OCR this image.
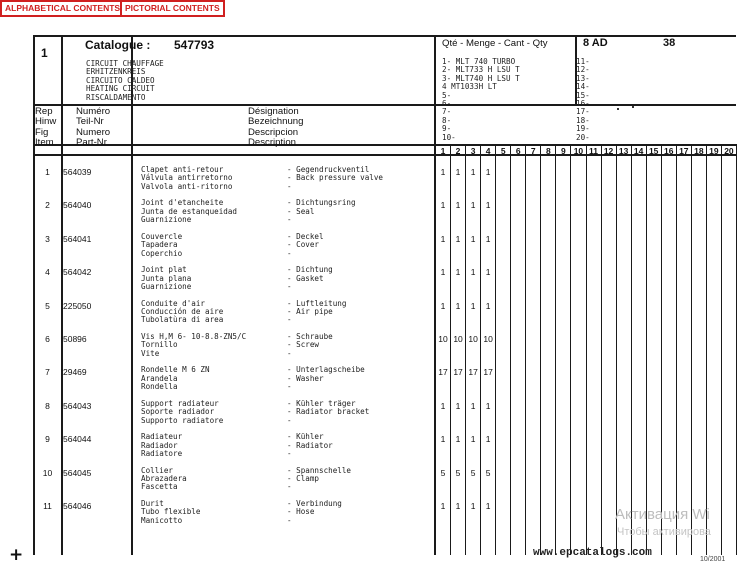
ALPHABETICAL CONTENTS PICTORIAL CONTENTS
1
Catalogue : 547793	Qté - Menge - Cant - Qty	8 AD	38
CIRCUIT CHAUFFAGE
ERHITZENKREIS
CIRCUITO CALDEO
HEATING CIRCUIT
RISCALDAMENTO
1- MLT 740 TURBO
2- MLT733 H LSU T
3- MLT740 H LSU T
4 MT1033H LT
5-
6-
7-
8-
9-
10-
11-
12-
13-
14-
15-
16-
17-
18-
19-
20-
Rep
Hinw
Fig
Item
Numéro
Teil-Nr
Numero
Part-Nr
Désignation
Bezeichnung
Descripcion
Description
1	2	3	4	5	6	7	8	9 10 11 12 13 14 15 16 17 18 19 20
1	564039	Clapet anti-retour
Válvula antirretorno
Valvola anti-ritorno
- Gegendruckventil
- Back pressure valve
-
1	1	1	1
2	564040	Joint d'etancheite
Junta de estanqueidad
Guarnizione
- Dichtungsring
- Seal
-
1	1	1	1
3	564041	Couvercle
Tapadera
Coperchio
- Deckel
- Cover
-
1	1	1	1
4	564042	Joint plat
Junta plana
Guarnizione
- Dichtung
- Gasket
-
1	1	1	1
5	225050	Conduite d'air
Conducción de aire
Tubolatùra di area
- Luftleitung
- Air pipe
-
1	1	1	1
6	50896	Vis H,M 6- 10-8.8-ZN5/C
Tornillo
Vite
- Schraube
- Screw
-
10 10 10 10
7	29469	Rondelle M 6 ZN
Arandela
Rondella
- Unterlagscheibe
- Washer
-
17 17 17 17
8	564043	Support radiateur
Soporte radiador
Supporto radiatore
- Kühler träger
- Radiator bracket
-
1	1	1	1
9	564044	Radiateur
Radiador
Radiatore
- Kühler
- Radiator
-
1	1	1	1
10	564045	Collier
Abrazadera
Fascetta
- Spannschelle
- Clamp
-
5	5	5	5
11	564046	Durit
Tubo flexible
Manicotto
- Verbindung
- Hose
-
1	1	1	1
+	www.epcatalogs.com
10/2001
Активация Wi
Чтобы активирова
